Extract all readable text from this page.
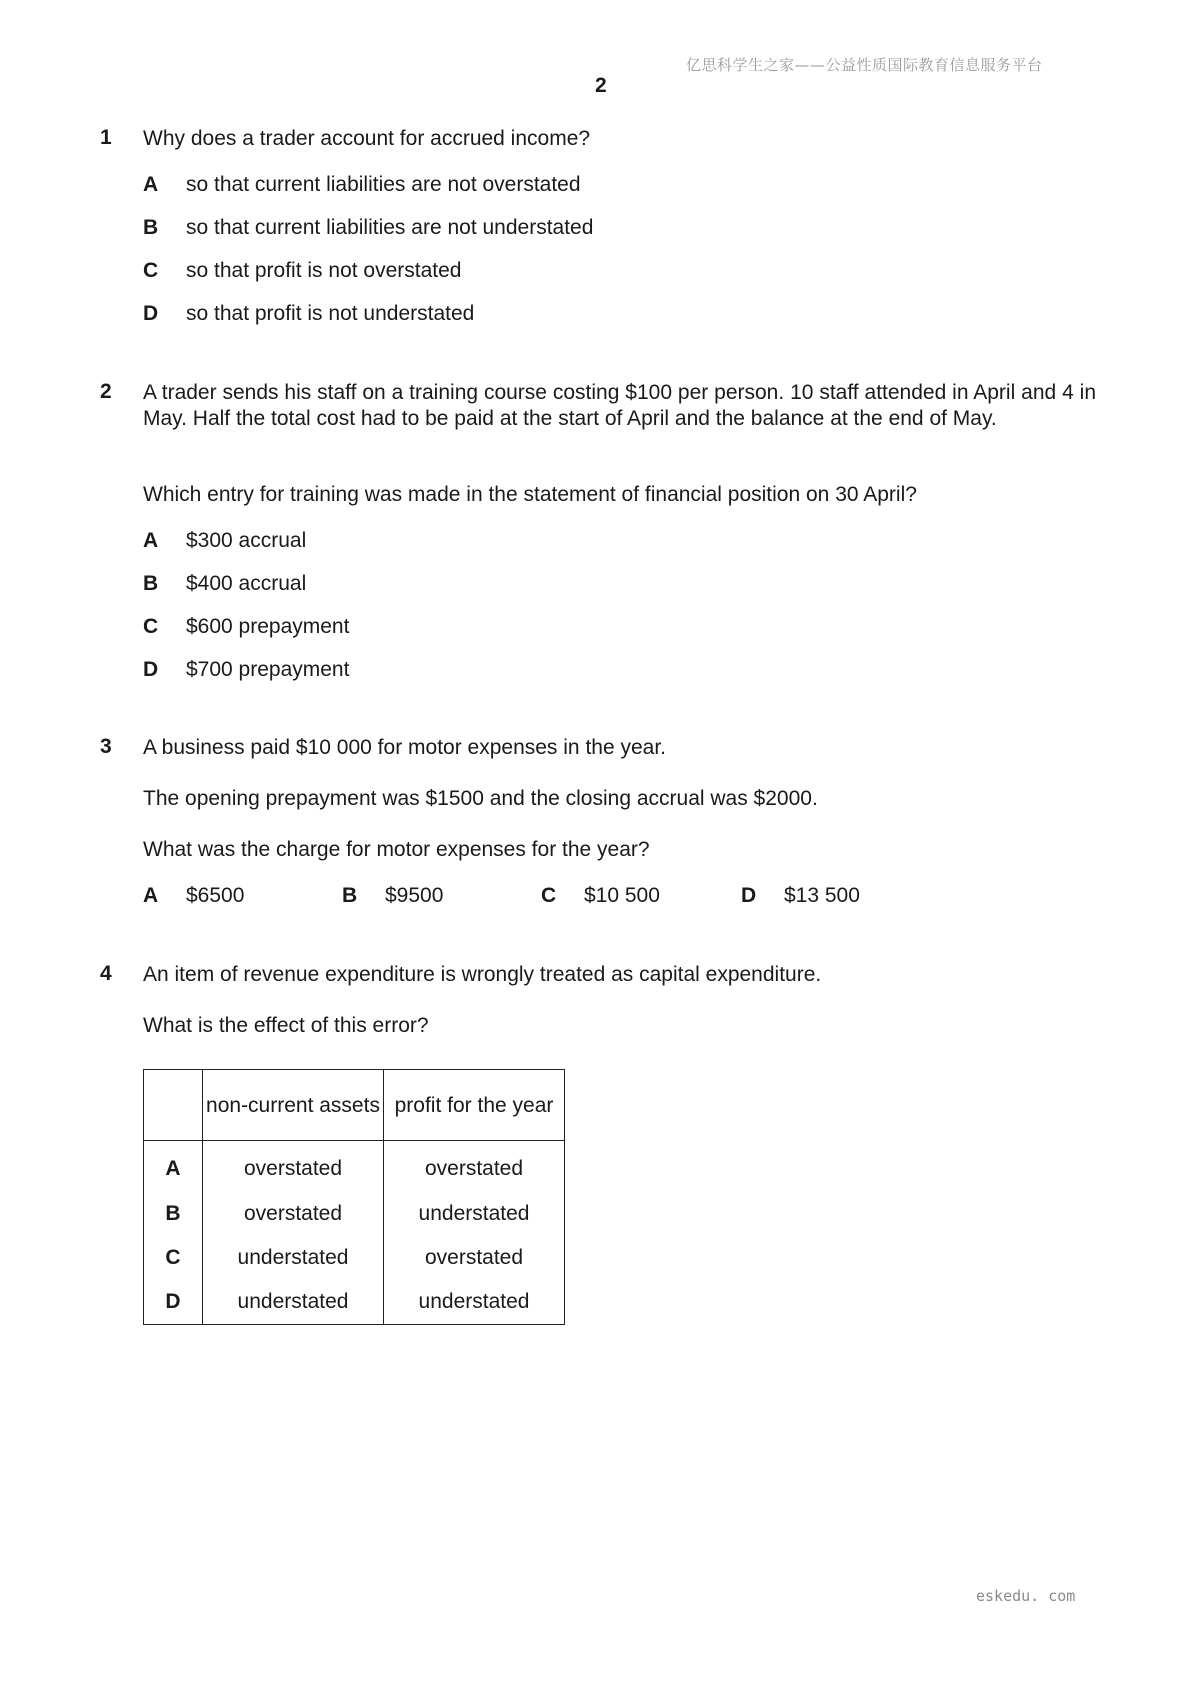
亿思科学生之家——公益性质国际教育信息服务平台
2
1 Why does a trader account for accrued income?
A so that current liabilities are not overstated
B so that current liabilities are not understated
C so that profit is not overstated
D so that profit is not understated
2 A trader sends his staff on a training course costing $100 per person. 10 staff attended in April and 4 in May. Half the total cost had to be paid at the start of April and the balance at the end of May.
Which entry for training was made in the statement of financial position on 30 April?
A $300 accrual
B $400 accrual
C $600 prepayment
D $700 prepayment
3 A business paid $10 000 for motor expenses in the year.
The opening prepayment was $1500 and the closing accrual was $2000.
What was the charge for motor expenses for the year?
A $6500	B $9500	C $10 500	D $13 500
4 An item of revenue expenditure is wrongly treated as capital expenditure.
What is the effect of this error?
	non-current assets	profit for the year
A	overstated	overstated
B	overstated	understated
C	understated	overstated
D	understated	understated
eskedu. com
